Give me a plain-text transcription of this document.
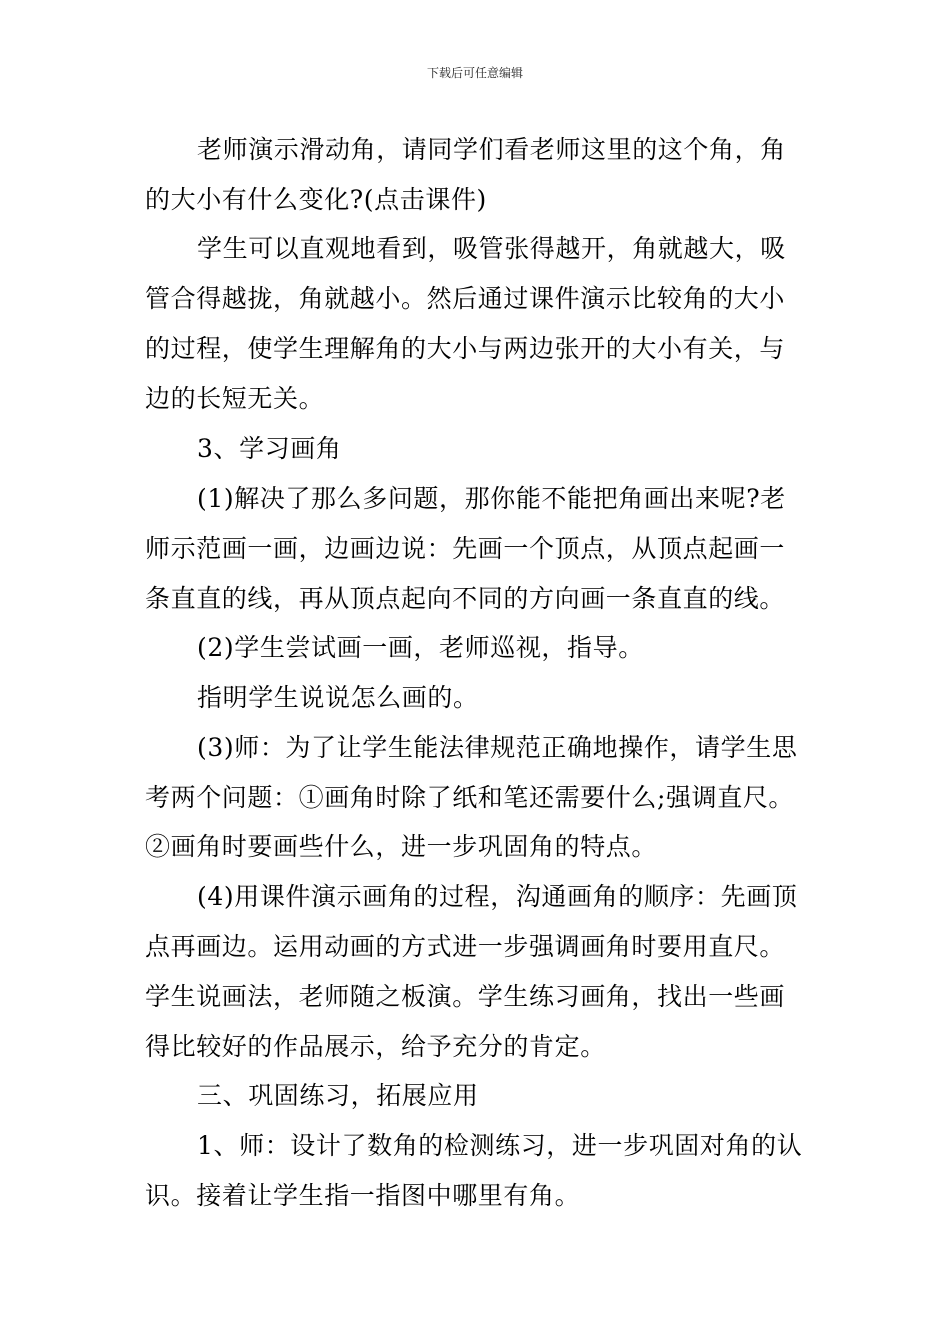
下载后可任意编辑
老师演示滑动角，请同学们看老师这里的这个角，角
的大小有什么变化?(点击课件)
学生可以直观地看到，吸管张得越开，角就越大，吸
管合得越拢，角就越小。然后通过课件演示比较角的大小
的过程，使学生理解角的大小与两边张开的大小有关，与
边的长短无关。
3、学习画角
(1)解决了那么多问题，那你能不能把角画出来呢?老
师示范画一画，边画边说：先画一个顶点，从顶点起画一
条直直的线，再从顶点起向不同的方向画一条直直的线。
(2)学生尝试画一画，老师巡视，指导。
指明学生说说怎么画的。
(3)师：为了让学生能法律规范正确地操作，请学生思
考两个问题：①画角时除了纸和笔还需要什么;强调直尺。
②画角时要画些什么，进一步巩固角的特点。
(4)用课件演示画角的过程，沟通画角的顺序：先画顶
点再画边。运用动画的方式进一步强调画角时要用直尺。
学生说画法，老师随之板演。学生练习画角，找出一些画
得比较好的作品展示，给予充分的肯定。
三、巩固练习，拓展应用
1、师：设计了数角的检测练习，进一步巩固对角的认
识。接着让学生指一指图中哪里有角。
